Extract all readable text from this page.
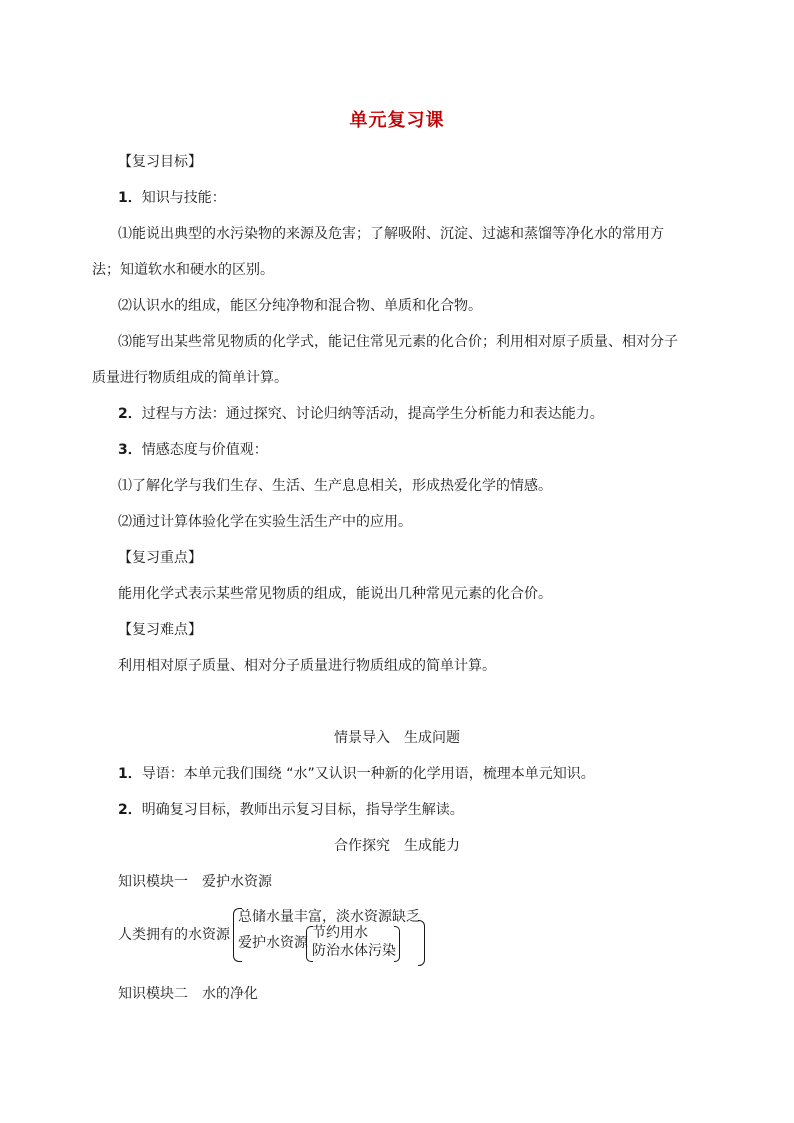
单元复习课
【复习目标】
1．知识与技能：
⑴能说出典型的水污染物的来源及危害；了解吸附、沉淀、过滤和蒸馏等净化水的常用方
法；知道软水和硬水的区别。
⑵认识水的组成，能区分纯净物和混合物、单质和化合物。
⑶能写出某些常见物质的化学式，能记住常见元素的化合价；利用相对原子质量、相对分子
质量进行物质组成的简单计算。
2．过程与方法：通过探究、讨论归纳等活动，提高学生分析能力和表达能力。
3．情感态度与价值观：
⑴了解化学与我们生存、生活、生产息息相关，形成热爱化学的情感。
⑵通过计算体验化学在实验生活生产中的应用。
【复习重点】
能用化学式表示某些常见物质的组成，能说出几种常见元素的化合价。
【复习难点】
利用相对原子质量、相对分子质量进行物质组成的简单计算。
情景导入　生成问题
1．导语：本单元我们围绕 “水”又认识一种新的化学用语，梳理本单元知识。
2．明确复习目标，教师出示复习目标，指导学生解读。
合作探究　生成能力
知识模块一　爱护水资源
人类拥有的水资源
总储水量丰富，淡水资源缺乏
爱护水资源
节约用水
防治水体污染
知识模块二　水的净化
